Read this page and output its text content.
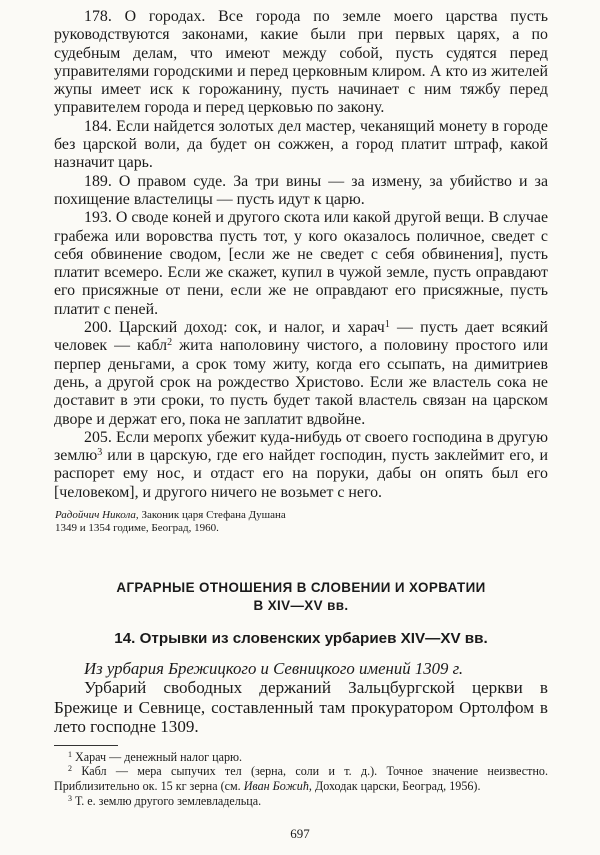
178. О городах. Все города по земле моего царства пусть руководствуются законами, какие были при первых царях, а по судебным делам, что имеют между собой, пусть судятся перед управителями городскими и перед церковным клиром. А кто из жителей жупы имеет иск к горожанину, пусть начинает с ним тяжбу перед управителем города и перед церковью по закону.

184. Если найдется золотых дел мастер, чеканящий монету в городе без царской воли, да будет он сожжен, а город платит штраф, какой назначит царь.

189. О правом суде. За три вины — за измену, за убийство и за похищение властелицы — пусть идут к царю.

193. О своде коней и другого скота или какой другой вещи. В случае грабежа или воровства пусть тот, у кого оказалось поличное, сведет с себя обвинение сводом, [если же не сведет с себя обвинения], пусть платит всемеро. Если же скажет, купил в чужой земле, пусть оправдают его присяжные от пени, если же не оправдают его присяжные, пусть платит с пеней.

200. Царский доход: сок, и налог, и харач$^1$ — пусть дает всякий человек — кабл$^2$ жита наполовину чистого, а половину простого или перпер деньгами, а срок тому житу, когда его ссыпать, на димитриев день, а другой срок на рождество Христово. Если же властель сока не доставит в эти сроки, то пусть будет такой властель связан на царском дворе и держат его, пока не заплатит вдвойне.

205. Если меропх убежит куда-нибудь от своего господина в другую землю$^3$ или в царскую, где его найдет господин, пусть заклеймит его, и распорет ему нос, и отдаст его на поруки, дабы он опять был его [человеком], и другого ничего не возьмет с него.

Радойчич Никола, Законик царя Стефана Душана
1349 и 1354 годиме, Београд, 1960.

АГРАРНЫЕ ОТНОШЕНИЯ В СЛОВЕНИИ И ХОРВАТИИ
В XIV—XV вв.
14. Отрывки из словенских урбариев XIV—XV вв.

Из урбария Брежицкого и Севницкого имений 1309 г.

Урбарий свободных держаний Зальцбургской церкви в Брежице и Севнице, составленный там прокуратором Ортолфом в лето господне 1309.

$^1$ Харач — денежный налог царю.

$^2$ Кабл — мера сыпучих тел (зерна, соли и т. д.). Точное значение неизвестно. Приблизительно ок. 15 кг зерна (см. Иван Божић, Доходак царски, Београд, 1956).

$^3$ Т. е. землю другого землевладельца.

697
